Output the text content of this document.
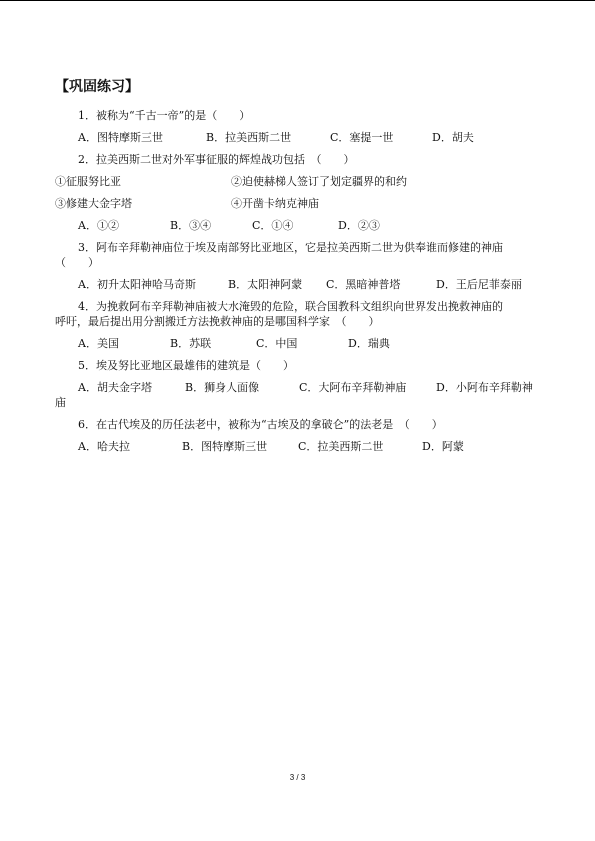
【巩固练习】
1．被称为“千古一帝”的是（　　）
A．图特摩斯三世	B．拉美西斯二世	C．塞提一世	D．胡夫
2．拉美西斯二世对外军事征服的辉煌战功包括　（　　）
①征服努比亚	②迫使赫梯人签订了划定疆界的和约
③修建大金字塔	④开凿卡纳克神庙
A．①②	B．③④	C．①④	D．②③
3．阿布辛拜勒神庙位于埃及南部努比亚地区，它是拉美西斯二世为供奉谁而修建的神庙
（　　）
A．初升太阳神哈马奇斯	B．太阳神阿蒙	C．黑暗神普塔	D．王后尼菲泰丽
4．为挽救阿布辛拜勒神庙被大水淹毁的危险，联合国教科文组织向世界发出挽救神庙的
呼吁，最后提出用分割搬迁方法挽救神庙的是哪国科学家　（　　）
A．美国	B．苏联	C．中国	D．瑞典
5．埃及努比亚地区最雄伟的建筑是（　　）
A．胡夫金字塔	B．狮身人面像	C．大阿布辛拜勒神庙	D．小阿布辛拜勒神
庙
6．在古代埃及的历任法老中，被称为“古埃及的拿破仑”的法老是　（　　）
A．哈夫拉	B．图特摩斯三世	C．拉美西斯二世	D．阿蒙
3 / 3
